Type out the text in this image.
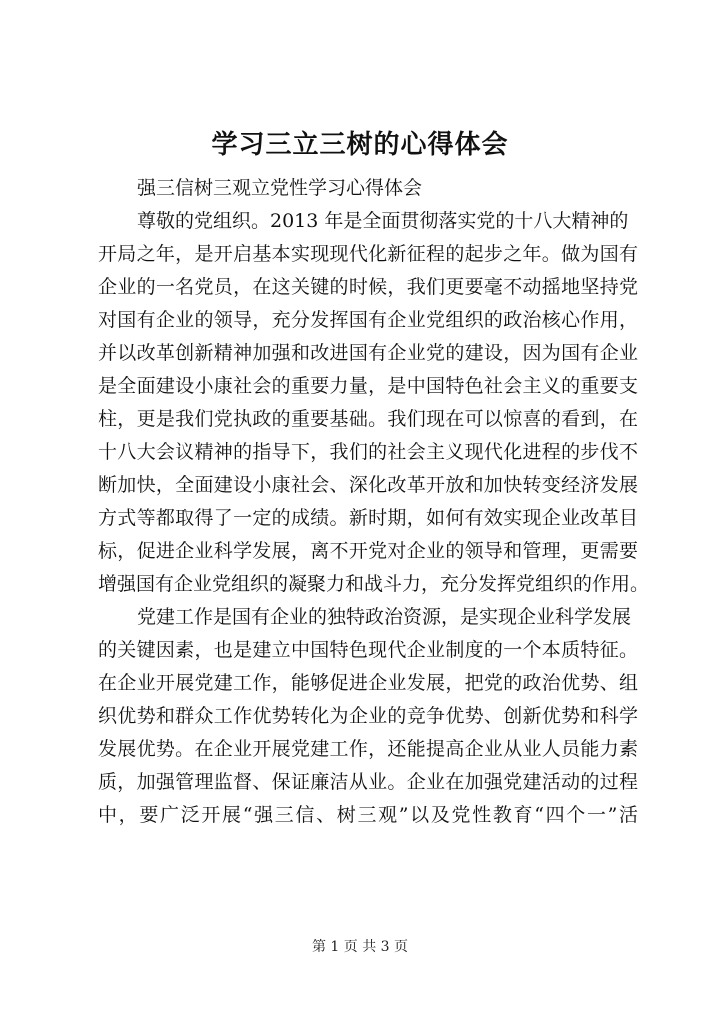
学习三立三树的心得体会

强三信树三观立党性学习心得体会

尊敬的党组织。2013 年是全面贯彻落实党的十八大精神的

开局之年，是开启基本实现现代化新征程的起步之年。做为国有

企业的一名党员，在这关键的时候，我们更要毫不动摇地坚持党

对国有企业的领导，充分发挥国有企业党组织的政治核心作用，

并以改革创新精神加强和改进国有企业党的建设，因为国有企业

是全面建设小康社会的重要力量，是中国特色社会主义的重要支

柱，更是我们党执政的重要基础。我们现在可以惊喜的看到，在

十八大会议精神的指导下，我们的社会主义现代化进程的步伐不

断加快，全面建设小康社会、深化改革开放和加快转变经济发展

方式等都取得了一定的成绩。新时期，如何有效实现企业改革目

标，促进企业科学发展，离不开党对企业的领导和管理，更需要

增强国有企业党组织的凝聚力和战斗力，充分发挥党组织的作用。

党建工作是国有企业的独特政治资源，是实现企业科学发展

的关键因素，也是建立中国特色现代企业制度的一个本质特征。

在企业开展党建工作，能够促进企业发展，把党的政治优势、组

织优势和群众工作优势转化为企业的竞争优势、创新优势和科学

发展优势。在企业开展党建工作，还能提高企业从业人员能力素

质，加强管理监督、保证廉洁从业。企业在加强党建活动的过程

中，要广泛开展“强三信、树三观”以及党性教育“四个一”活

第 1 页 共 3 页
